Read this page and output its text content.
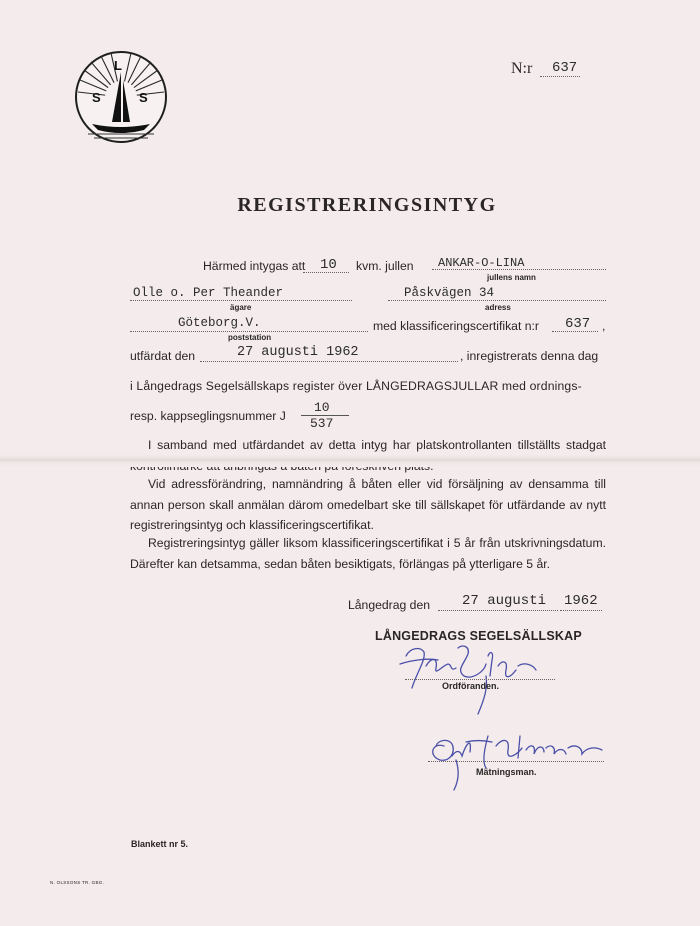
L
S	S
N:r 637
REGISTRERINGSINTYG
Härmed intygas att 10 kvm. jullen ANKAR-O-LINA
jullens namn
Olle o. Per Theander
ägare
Påskvägen 34
adress
Göteborg.V.
poststation
med klassificeringscertifikat n:r 637 ,
utfärdat den	27 augusti 1962	, inregistrerats denna dag
i Långedrags Segelsällskaps register över LÅNGEDRAGSJULLAR med ordnings-
resp. kappseglingsnummer J
10
537
I samband med utfärdandet av detta intyg har platskontrollanten tillställts stadgat
Vid adressförändring, namnändring å båten eller vid försäljning av densamma till annan person skall anmälan därom omedelbart ske till sällskapet för utfärdande av nytt registreringsintyg och klassificeringscertifikat.
Registreringsintyg gäller liksom klassificeringscertifikat i 5 år från utskrivningsdatum. Därefter kan detsamma, sedan båten besiktigats, förlängas på ytterligare 5 år.
Långedrag den 27 augusti 1962
LÅNGEDRAGS SEGELSÄLLSKAP
Ordföranden.
Mätningsman.
Blankett nr 5.
N. OLSSONS TR. GBG.
